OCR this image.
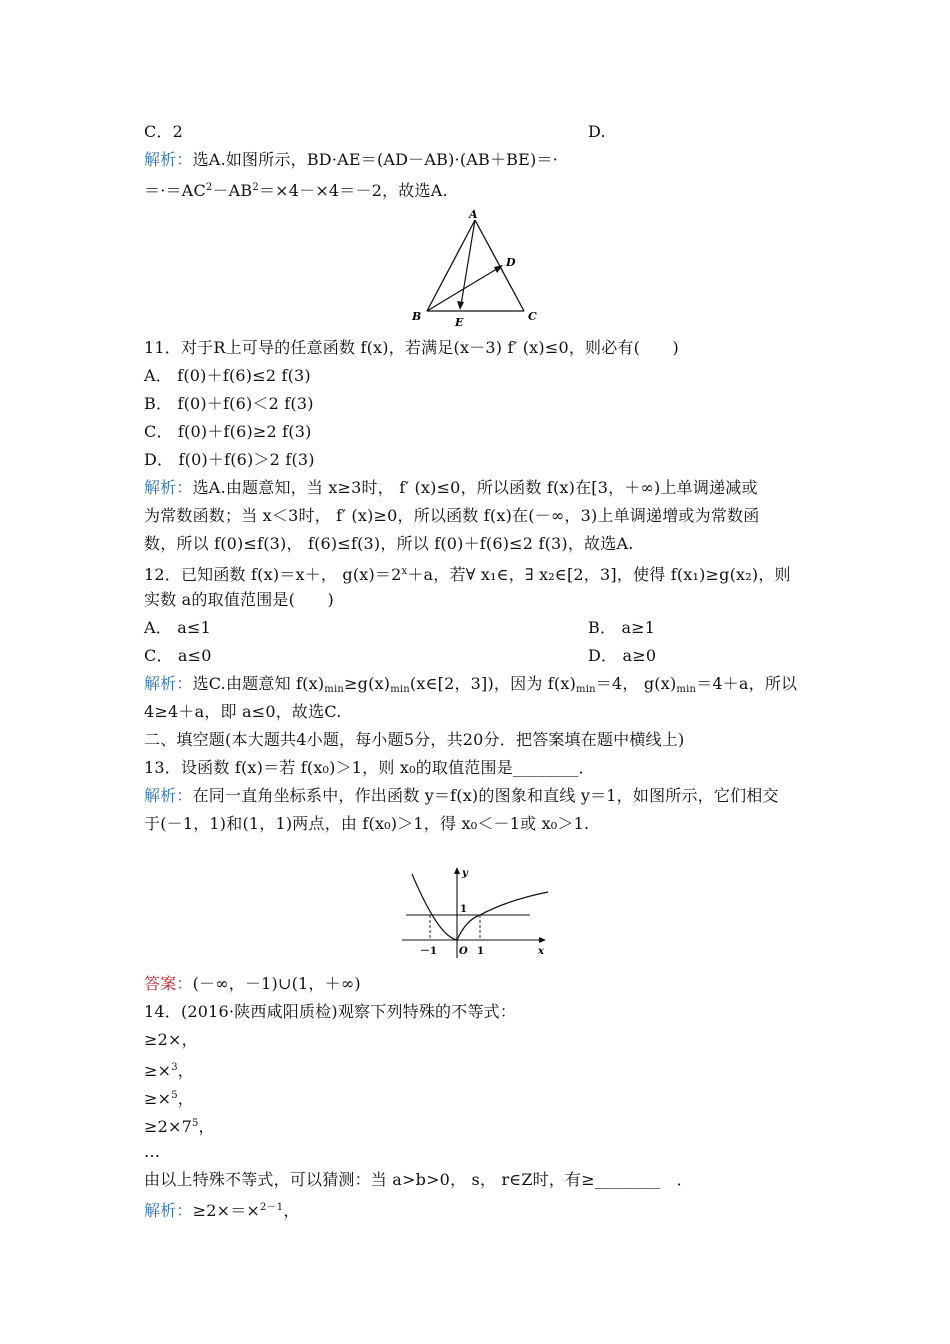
C．2	D.
解析：选A.如图所示，BD·AE＝(AD－AB)·(AB＋BE)＝·
$=\cdot=AC^2-AB^2=\times 4-\times 4=-2$，故选A.
A
B	C
D
E
11．对于R上可导的任意函数 f(x)，若满足(x－3) f′ (x)≤0，则必有(　　)
A． f(0)＋f(6)≤2 f(3)
B． f(0)＋f(6)＜2 f(3)
C． f(0)＋f(6)≥2 f(3)
D． f(0)＋f(6)＞2 f(3)
解析：选A.由题意知，当 x≥3时， f′ (x)≤0，所以函数 f(x)在[3，＋∞)上单调递减或
为常数函数；当 x＜3时， f′ (x)≥0，所以函数 f(x)在(－∞，3)上单调递增或为常数函
数，所以 f(0)≤f(3)， f(6)≤f(3)，所以 f(0)＋f(6)≤2 f(3)，故选A.
12．已知函数 f(x)＝x＋， $g(x)=2^x+a$，若∀ x₁∈，∃ x₂∈[2，3]，使得 f(x₁)≥g(x₂)，则
实数 a的取值范围是(　　)
A． a≤1	B． a≥1
C． a≤0	D． a≥0
解析：选C.由题意知 $f(x)_{min}\ge g(x)_{min}(x\in[2$，3])，因为 $f(x)_{min}=4$， $g(x)_{min}=4+a$，所以
4≥4＋a，即 a≤0，故选C.
二、填空题(本大题共4小题，每小题5分，共20分．把答案填在题中横线上)
13．设函数 f(x)＝若 f(x₀)＞1，则 x₀的取值范围是________．
解析：在同一直角坐标系中，作出函数 y＝f(x)的图象和直线 y＝1，如图所示，它们相交
于(－1，1)和(1，1)两点，由 f(x₀)＞1，得 x₀＜－1或 x₀＞1.
y
x
1
－1 O 1
答案：(－∞，－1)∪(1，＋∞)
14．(2016·陕西咸阳质检)观察下列特殊的不等式：
≥2×，
≥×$^3$，
≥×$^5$，
$\ge 2\times 7^5$，
…
由以上特殊不等式，可以猜测：当 a>b>0， s， r∈Z时，有≥________　．
解析：≥2×＝×$^{2-1}$，
